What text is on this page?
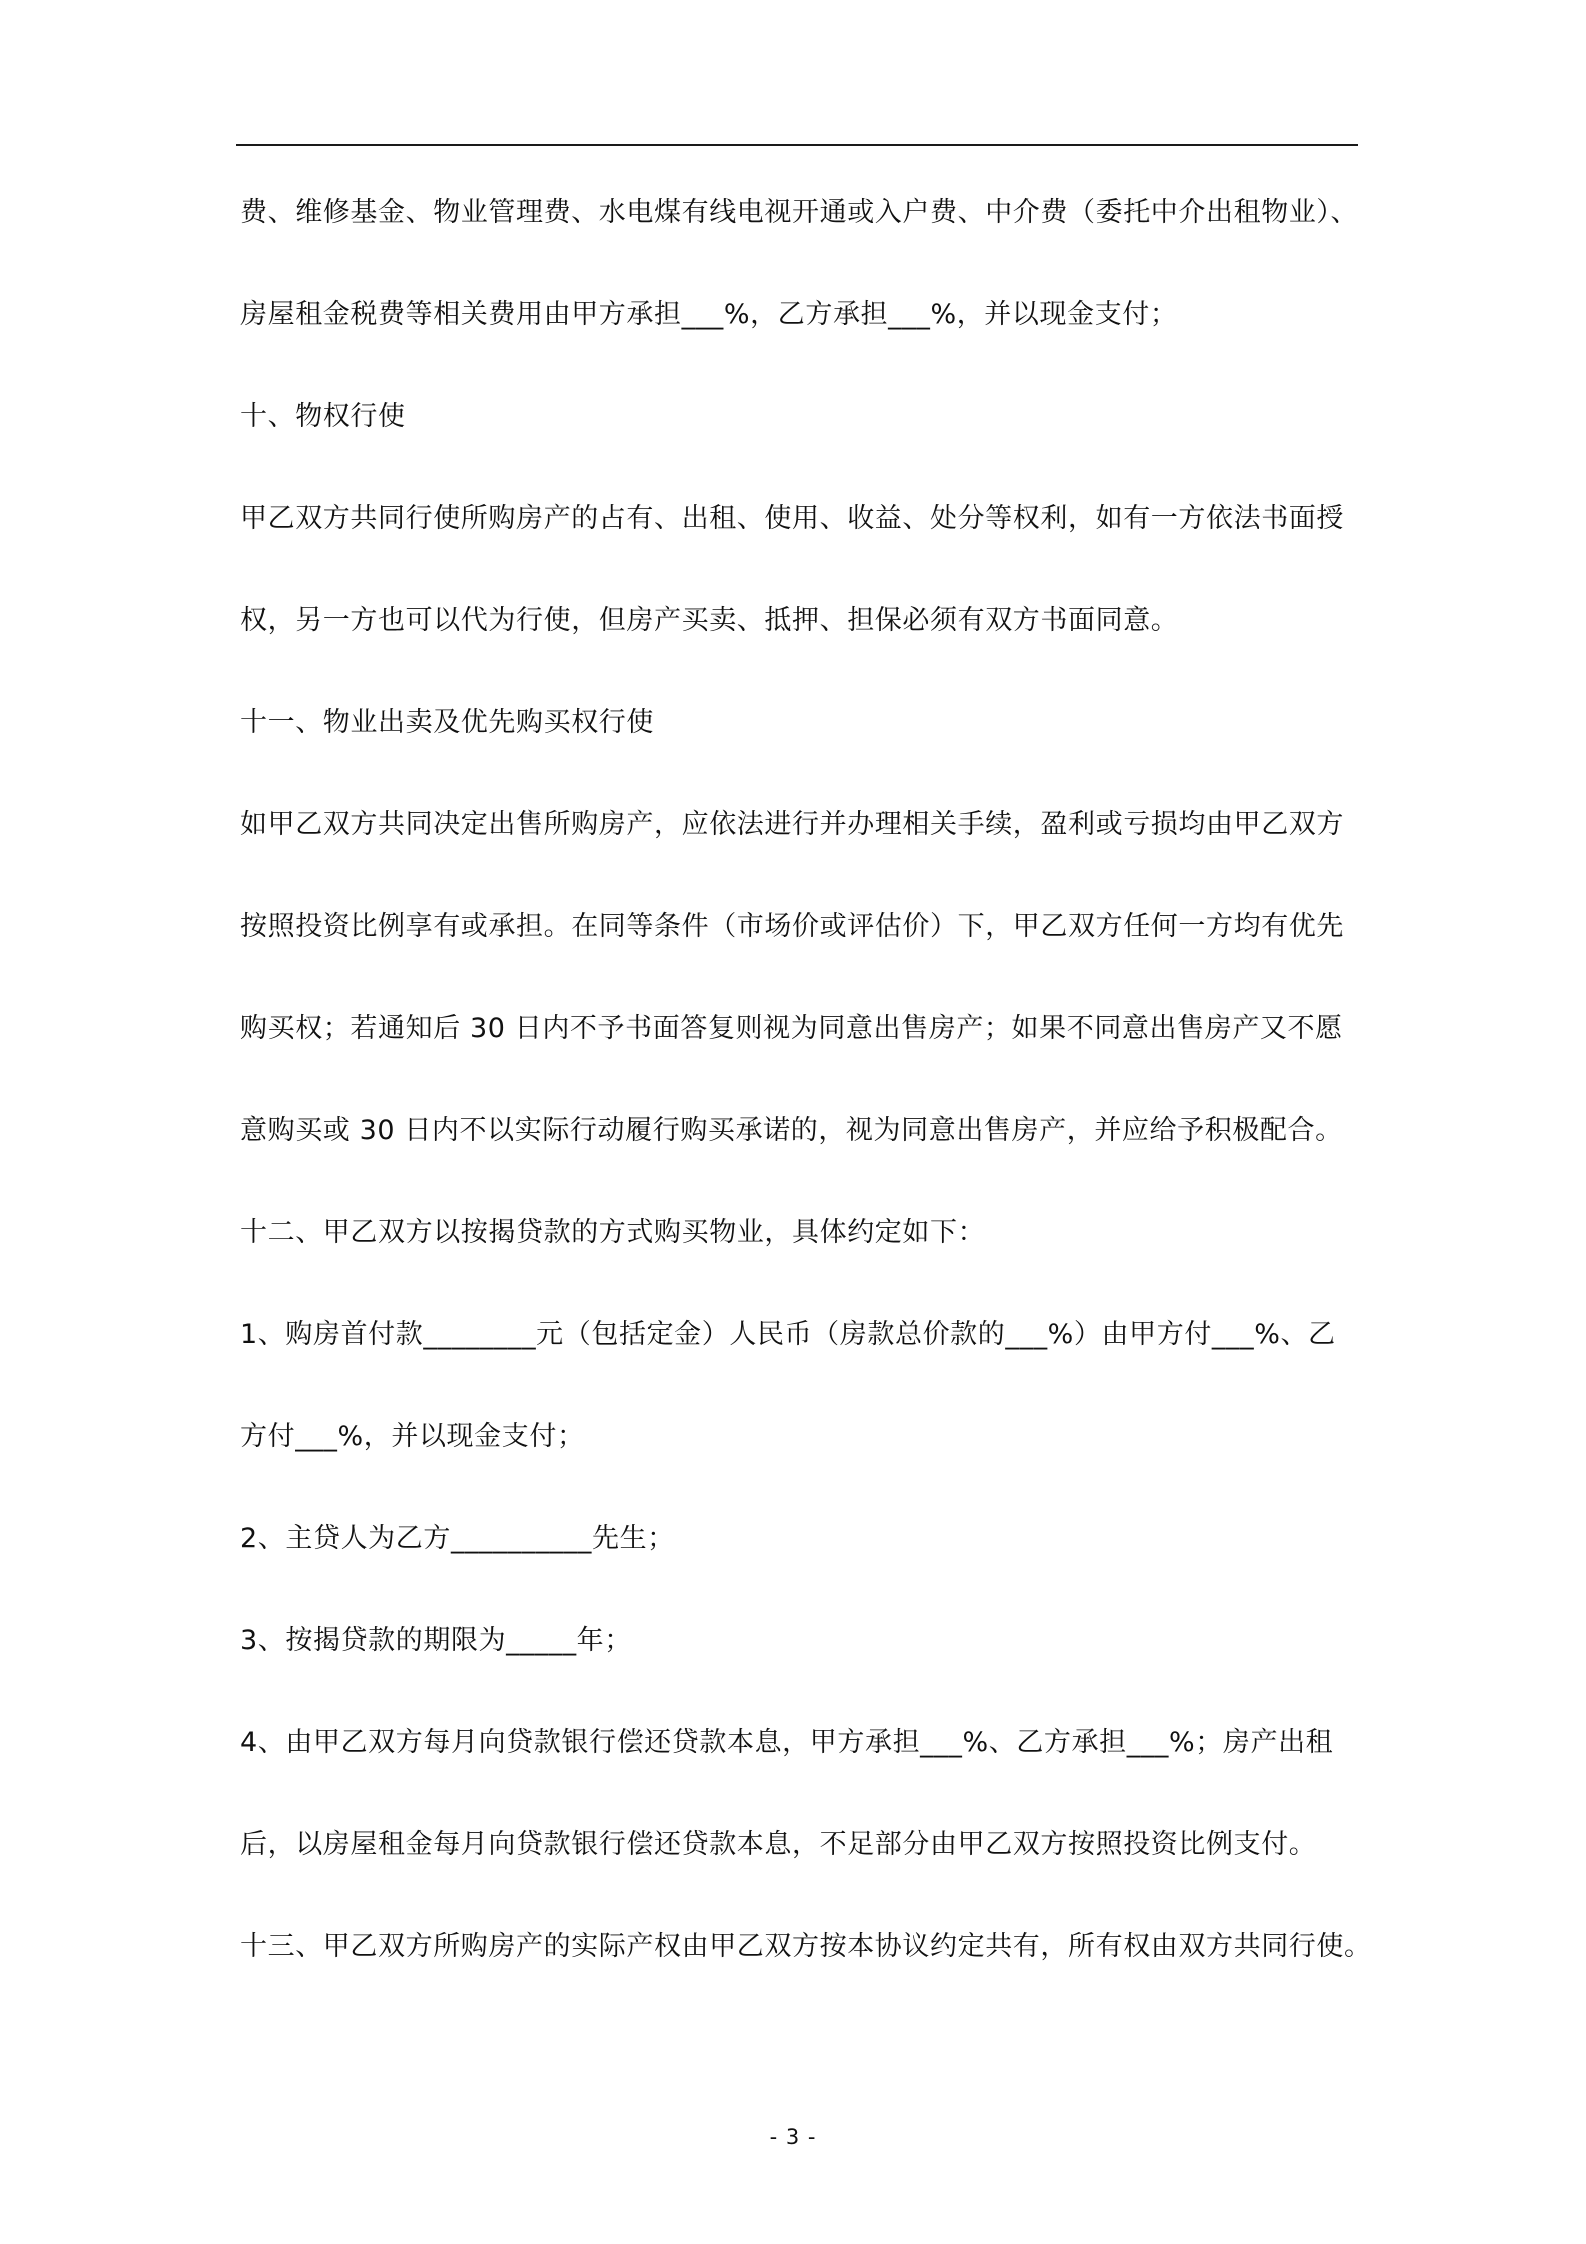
费、维修基金、物业管理费、水电煤有线电视开通或入户费、中介费（委托中介出租物业）、
房屋租金税费等相关费用由甲方承担___%，乙方承担___%，并以现金支付；
十、物权行使
甲乙双方共同行使所购房产的占有、出租、使用、收益、处分等权利，如有一方依法书面授
权，另一方也可以代为行使，但房产买卖、抵押、担保必须有双方书面同意。
十一、物业出卖及优先购买权行使
如甲乙双方共同决定出售所购房产，应依法进行并办理相关手续，盈利或亏损均由甲乙双方
按照投资比例享有或承担。在同等条件（市场价或评估价）下，甲乙双方任何一方均有优先
购买权；若通知后 30 日内不予书面答复则视为同意出售房产；如果不同意出售房产又不愿
意购买或 30 日内不以实际行动履行购买承诺的，视为同意出售房产，并应给予积极配合。
十二、甲乙双方以按揭贷款的方式购买物业，具体约定如下：
1、购房首付款________元（包括定金）人民币（房款总价款的___%）由甲方付___%、乙
方付___%，并以现金支付；
2、主贷人为乙方__________先生；
3、按揭贷款的期限为_____年；
4、由甲乙双方每月向贷款银行偿还贷款本息，甲方承担___%、乙方承担___%；房产出租
后，以房屋租金每月向贷款银行偿还贷款本息，不足部分由甲乙双方按照投资比例支付。
十三、甲乙双方所购房产的实际产权由甲乙双方按本协议约定共有，所有权由双方共同行使。
- 3 -
